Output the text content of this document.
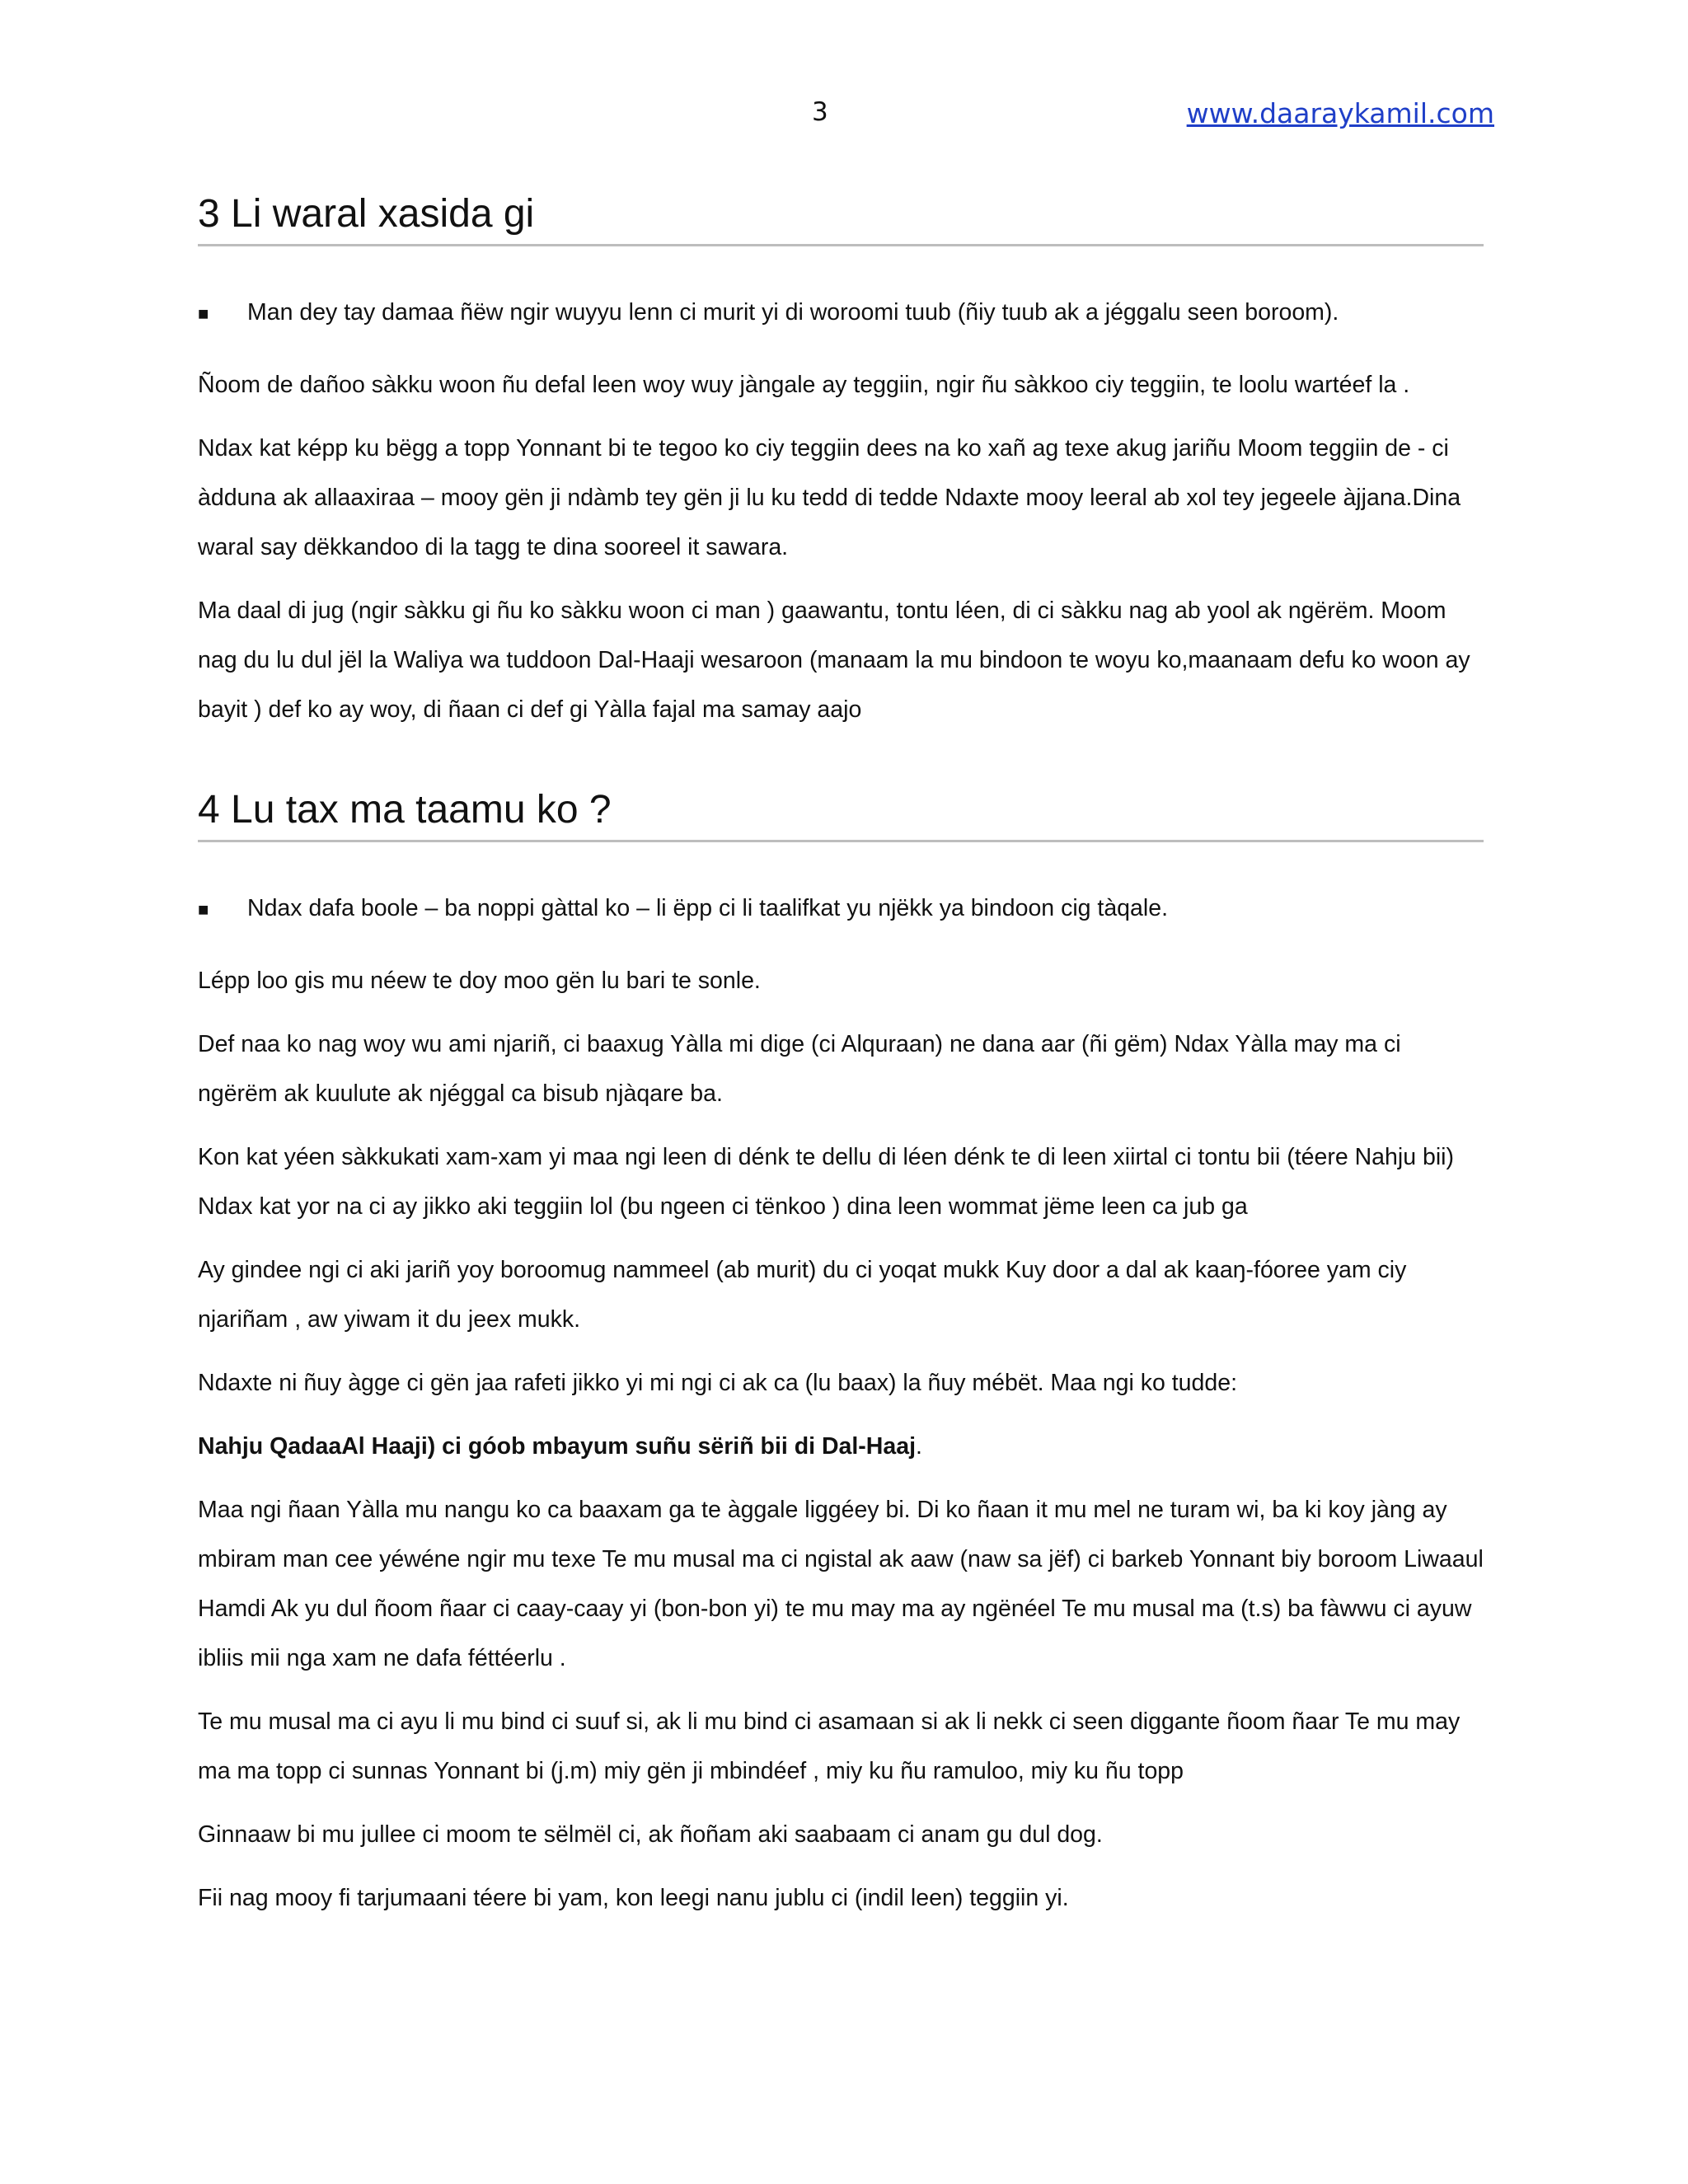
3	www.daaraykamil.com
3 Li waral xasida gi
■	Man dey tay damaa ñëw ngir wuyyu lenn ci murit yi di woroomi tuub (ñiy tuub ak a jéggalu seen boroom).

Ñoom de dañoo sàkku woon ñu defal leen woy wuy jàngale ay teggiin, ngir ñu sàkkoo ciy teggiin, te loolu wartéef la .

Ndax kat képp ku bëgg a topp Yonnant bi te tegoo ko ciy teggiin dees na ko xañ ag texe akug jariñu Moom teggiin de - ci àdduna ak allaaxiraa – mooy gën ji ndàmb tey gën ji lu ku tedd di tedde Ndaxte mooy leeral ab xol tey jegeele àjjana.Dina waral say dëkkandoo di la tagg te dina sooreel it sawara.

Ma daal di jug (ngir sàkku gi ñu ko sàkku woon ci man ) gaawantu, tontu léen, di ci sàkku nag ab yool ak ngërëm. Moom nag du lu dul jël la Waliya wa tuddoon Dal-Haaji wesaroon (manaam la mu bindoon te woyu ko,maanaam defu ko woon ay bayit ) def ko ay woy, di ñaan ci def gi Yàlla fajal ma samay aajo

4 Lu tax ma taamu ko ?
■	Ndax dafa boole – ba noppi gàttal ko – li ëpp ci li taalifkat yu njëkk ya bindoon cig tàqale.

Lépp loo gis mu néew te doy moo gën lu bari te sonle.

Def naa ko nag woy wu ami njariñ, ci baaxug Yàlla mi dige (ci Alquraan) ne dana aar (ñi gëm) Ndax Yàlla may ma ci ngërëm ak kuulute ak njéggal ca bisub njàqare ba.

Kon kat yéen sàkkukati xam-xam yi maa ngi leen di dénk te dellu di léen dénk te di leen xiirtal ci tontu bii (téere Nahju bii) Ndax kat yor na ci ay jikko aki teggiin lol (bu ngeen ci tënkoo ) dina leen wommat jëme leen ca jub ga

Ay gindee ngi ci aki jariñ yoy boroomug nammeel (ab murit) du ci yoqat mukk Kuy door a dal ak kaaŋ-fóoree yam ciy njariñam , aw yiwam it du jeex mukk.

Ndaxte ni ñuy àgge ci gën jaa rafeti jikko yi mi ngi ci ak ca (lu baax) la ñuy mébët. Maa ngi ko tudde:

Nahju QadaaAl Haaji) ci góob mbayum suñu sëriñ bii di Dal-Haaj.

Maa ngi ñaan Yàlla mu nangu ko ca baaxam ga te àggale liggéey bi. Di ko ñaan it mu mel ne turam wi, ba ki koy jàng ay mbiram man cee yéwéne ngir mu texe Te mu musal ma ci ngistal ak aaw (naw sa jëf) ci barkeb Yonnant biy boroom Liwaaul Hamdi Ak yu dul ñoom ñaar ci caay-caay yi (bon-bon yi) te mu may ma ay ngënéel Te mu musal ma (t.s) ba fàwwu ci ayuw ibliis mii nga xam ne dafa féttéerlu .

Te mu musal ma ci ayu li mu bind ci suuf si, ak li mu bind ci asamaan si ak li nekk ci seen diggante ñoom ñaar Te mu may ma ma topp ci sunnas Yonnant bi (j.m) miy gën ji mbindéef , miy ku ñu ramuloo, miy ku ñu topp

Ginnaaw bi mu jullee ci moom te sëlmël ci, ak ñoñam aki saabaam ci anam gu dul dog.

Fii nag mooy fi tarjumaani téere bi yam, kon leegi nanu jublu ci (indil leen) teggiin yi.
